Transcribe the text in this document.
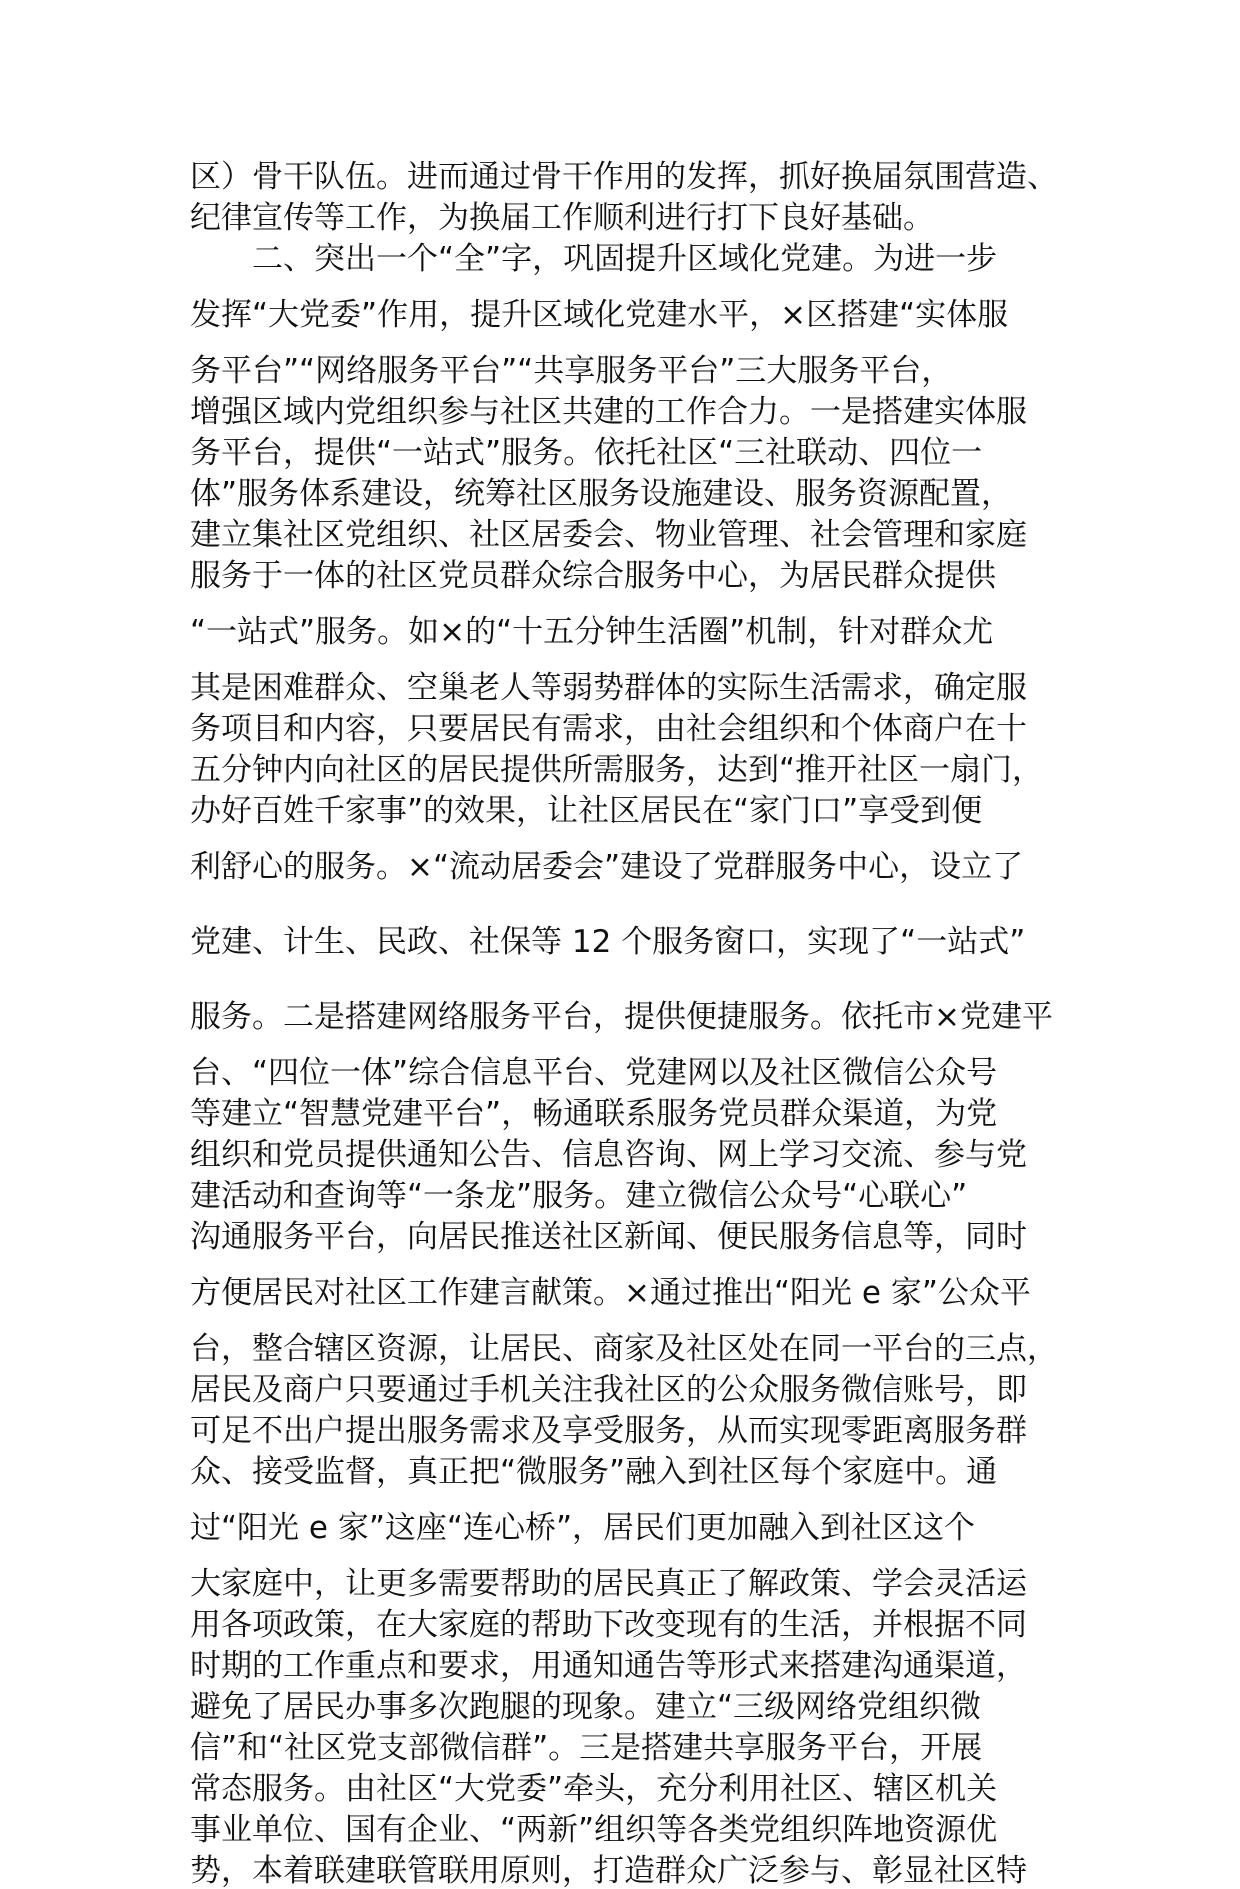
区）骨干队伍。进而通过骨干作用的发挥，抓好换届氛围营造、
纪律宣传等工作，为换届工作顺利进行打下良好基础。
　　二、突出一个“全”字，巩固提升区域化党建。为进一步
发挥“大党委”作用，提升区域化党建水平，×区搭建“实体服
务平台”“网络服务平台”“共享服务平台”三大服务平台，
增强区域内党组织参与社区共建的工作合力。一是搭建实体服
务平台，提供“一站式”服务。依托社区“三社联动、四位一
体”服务体系建设，统筹社区服务设施建设、服务资源配置，
建立集社区党组织、社区居委会、物业管理、社会管理和家庭
服务于一体的社区党员群众综合服务中心，为居民群众提供
“一站式”服务。如×的“十五分钟生活圈”机制，针对群众尤
其是困难群众、空巢老人等弱势群体的实际生活需求，确定服
务项目和内容，只要居民有需求，由社会组织和个体商户在十
五分钟内向社区的居民提供所需服务，达到“推开社区一扇门，
办好百姓千家事”的效果，让社区居民在“家门口”享受到便
利舒心的服务。×“流动居委会”建设了党群服务中心，设立了
党建、计生、民政、社保等 12 个服务窗口，实现了“一站式”
服务。二是搭建网络服务平台，提供便捷服务。依托市×党建平
台、“四位一体”综合信息平台、党建网以及社区微信公众号
等建立“智慧党建平台”，畅通联系服务党员群众渠道，为党
组织和党员提供通知公告、信息咨询、网上学习交流、参与党
建活动和查询等“一条龙”服务。建立微信公众号“心联心”
沟通服务平台，向居民推送社区新闻、便民服务信息等，同时
方便居民对社区工作建言献策。×通过推出“阳光 e 家”公众平
台，整合辖区资源，让居民、商家及社区处在同一平台的三点，
居民及商户只要通过手机关注我社区的公众服务微信账号，即
可足不出户提出服务需求及享受服务，从而实现零距离服务群
众、接受监督，真正把“微服务”融入到社区每个家庭中。通
过“阳光 e 家”这座“连心桥”，居民们更加融入到社区这个
大家庭中，让更多需要帮助的居民真正了解政策、学会灵活运
用各项政策，在大家庭的帮助下改变现有的生活，并根据不同
时期的工作重点和要求，用通知通告等形式来搭建沟通渠道，
避免了居民办事多次跑腿的现象。建立“三级网络党组织微
信”和“社区党支部微信群”。三是搭建共享服务平台，开展
常态服务。由社区“大党委”牵头，充分利用社区、辖区机关
事业单位、国有企业、“两新”组织等各类党组织阵地资源优
势，本着联建联管联用原则，打造群众广泛参与、彰显社区特
